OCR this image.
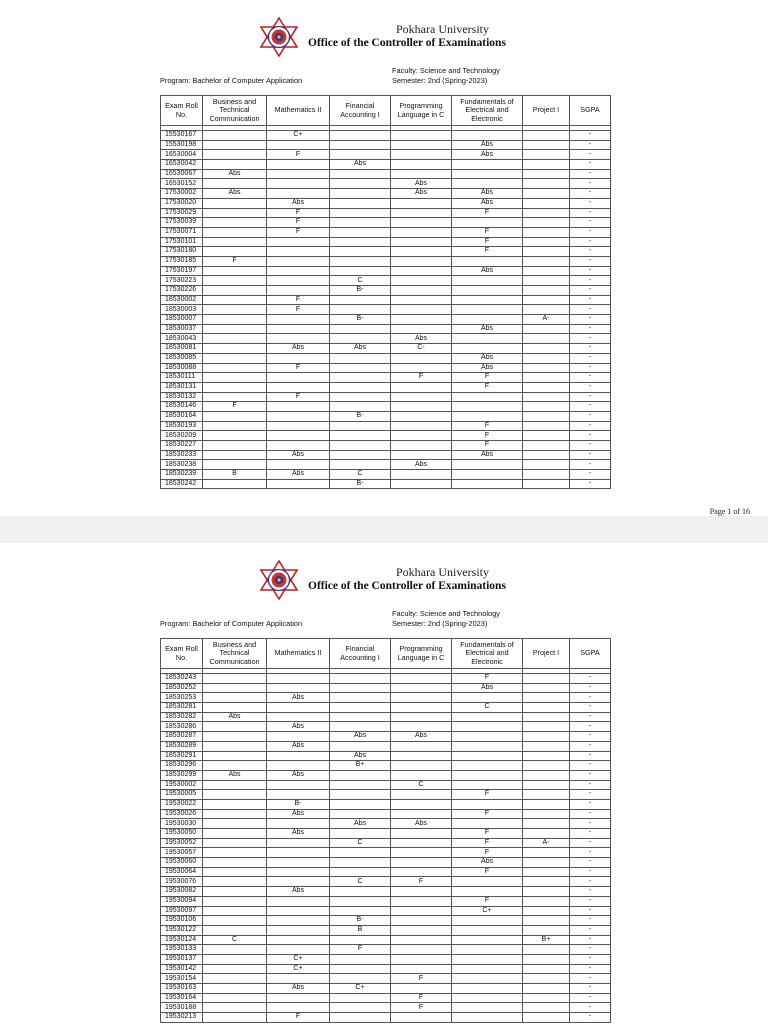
Pokhara University
Office of the Controller of Examinations
Faculty: Science and Technology
Semester: 2nd (Spring-2023)
Program: Bachelor of Computer Application
Exam Roll No.	Business and Technical Communication	Mathematics II	Financial Accounting I	Programming Language in C	Fundamentals of Electrical and Electronic	Project I	SGPA

15530167		C+					-
15530198					Abs		-
16530004		F			Abs		-
16530042			Abs				-
16530067	Abs						-
16530152				Abs			-
17530002	Abs			Abs	Abs		-
17530020		Abs			Abs		-
17530029		F			F		-
17530039		F					-
17530071		F			F		-
17530101					F		-
17530180					F		-
17530185	F						-
17530197					Abs		-
17530223			C				-
17530226			B-				-
18530002		F					-
18530003		F					-
18530007			B-			A-	-
18530037					Abs		-
18530043				Abs			-
18530081		Abs	Abs	C-			-
18530085					Abs		-
18530088		F			Abs		-
18530111				F	F		-
18530131					F		-
18530132		F					-
18530146	F						-
18530164			B-				-
18530193					F		-
18530209					F		-
18530227					F		-
18530233		Abs			Abs		-
18530238				Abs			-
18530239	B	Abs	C				-
18530242			B-				-
Page 1 of 16
Pokhara University
Office of the Controller of Examinations
Faculty: Science and Technology
Semester: 2nd (Spring-2023)
Program: Bachelor of Computer Application
Exam Roll No.	Business and Technical Communication	Mathematics II	Financial Accounting I	Programming Language in C	Fundamentals of Electrical and Electronic	Project I	SGPA

18530243					F		-
18530252					Abs		-
18530253		Abs					-
18530281					C		-
18530282	Abs						-
18530286		Abs					-
18530287			Abs	Abs			-
18530289		Abs					-
18530291			Abs				-
18530296			B+				-
18530299	Abs	Abs					-
19530002				C			-
19530005					F		-
19530022		B-					-
19530026		Abs			F		-
19530030			Abs	Abs			-
19530050		Abs			F		-
19530052			C		F	A-	-
19530057					F		-
19530060					Abs		-
19530064					F		-
19530076			C	F			-
19530082		Abs					-
19530094					F		-
19530097					C+		-
19530106			B-				-
19530122			B				-
19530124	C					B+	-
19530133			F				-
19530137		C+					-
19530142		C+					-
19530154				F			-
19530163		Abs	C+				-
19530164				F			-
19530188				F			-
19530213		F					-
